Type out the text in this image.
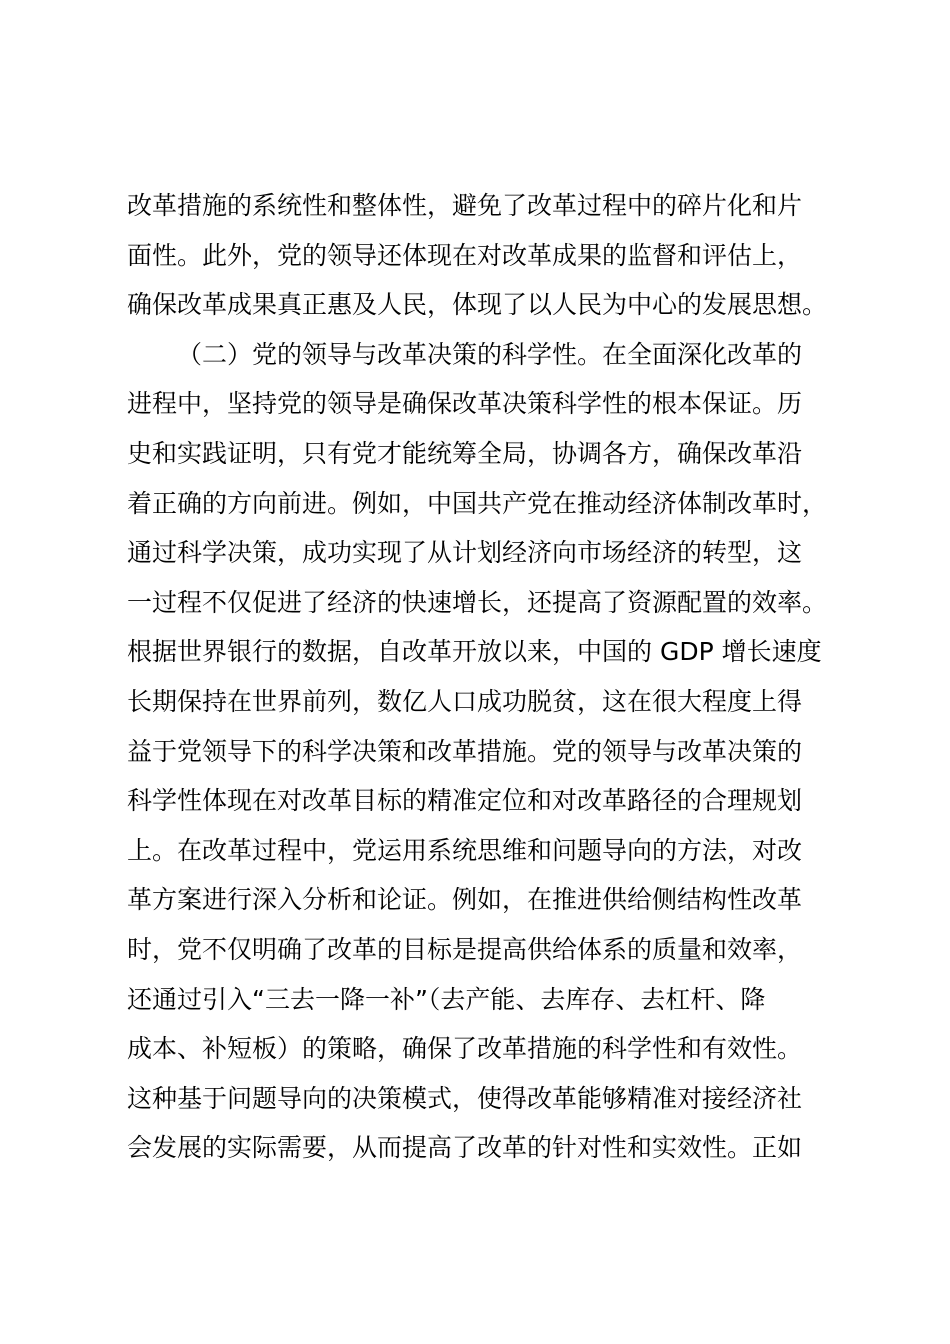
改革措施的系统性和整体性，避免了改革过程中的碎片化和片
面性。此外，党的领导还体现在对改革成果的监督和评估上，
确保改革成果真正惠及人民，体现了以人民为中心的发展思想。
（二）党的领导与改革决策的科学性。在全面深化改革的
进程中，坚持党的领导是确保改革决策科学性的根本保证。历
史和实践证明，只有党才能统筹全局，协调各方，确保改革沿
着正确的方向前进。例如，中国共产党在推动经济体制改革时，
通过科学决策，成功实现了从计划经济向市场经济的转型，这
一过程不仅促进了经济的快速增长，还提高了资源配置的效率。
根据世界银行的数据，自改革开放以来，中国的 GDP 增长速度
长期保持在世界前列，数亿人口成功脱贫，这在很大程度上得
益于党领导下的科学决策和改革措施。党的领导与改革决策的
科学性体现在对改革目标的精准定位和对改革路径的合理规划
上。在改革过程中，党运用系统思维和问题导向的方法，对改
革方案进行深入分析和论证。例如，在推进供给侧结构性改革
时，党不仅明确了改革的目标是提高供给体系的质量和效率，
还通过引入“三去一降一补”（去产能、去库存、去杠杆、降
成本、补短板）的策略，确保了改革措施的科学性和有效性。
这种基于问题导向的决策模式，使得改革能够精准对接经济社
会发展的实际需要，从而提高了改革的针对性和实效性。正如
